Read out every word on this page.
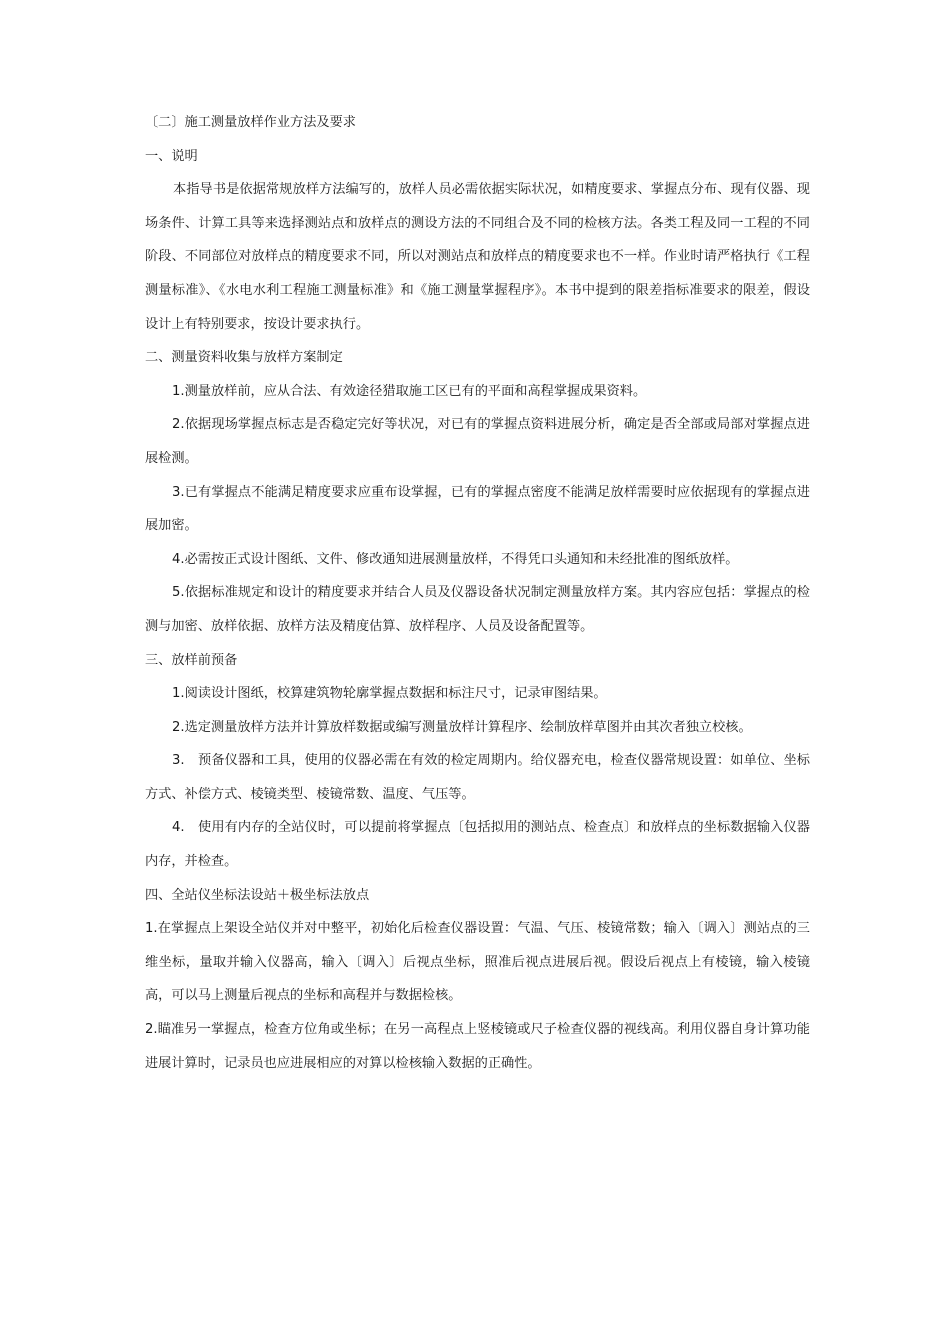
〔二〕施工测量放样作业方法及要求

一、说明

本指导书是依据常规放样方法编写的，放样人员必需依据实际状况，如精度要求、掌握点分布、现有仪器、现场条件、计算工具等来选择测站点和放样点的测设方法的不同组合及不同的检核方法。各类工程及同一工程的不同阶段、不同部位对放样点的精度要求不同，所以对测站点和放样点的精度要求也不一样。作业时请严格执行《工程测量标准》、《水电水利工程施工测量标准》和《施工测量掌握程序》。本书中提到的限差指标准要求的限差，假设设计上有特别要求，按设计要求执行。

二、测量资料收集与放样方案制定

1.测量放样前，应从合法、有效途径猎取施工区已有的平面和高程掌握成果资料。

2.依据现场掌握点标志是否稳定完好等状况，对已有的掌握点资料进展分析，确定是否全部或局部对掌握点进展检测。

3.已有掌握点不能满足精度要求应重布设掌握，已有的掌握点密度不能满足放样需要时应依据现有的掌握点进展加密。

4.必需按正式设计图纸、文件、修改通知进展测量放样，不得凭口头通知和未经批准的图纸放样。

5.依据标准规定和设计的精度要求并结合人员及仪器设备状况制定测量放样方案。其内容应包括：掌握点的检测与加密、放样依据、放样方法及精度估算、放样程序、人员及设备配置等。

三、放样前预备

1.阅读设计图纸，校算建筑物轮廓掌握点数据和标注尺寸，记录审图结果。

2.选定测量放样方法并计算放样数据或编写测量放样计算程序、绘制放样草图并由其次者独立校核。

3.　预备仪器和工具，使用的仪器必需在有效的检定周期内。给仪器充电，检查仪器常规设置：如单位、坐标方式、补偿方式、棱镜类型、棱镜常数、温度、气压等。

4.　使用有内存的全站仪时，可以提前将掌握点〔包括拟用的测站点、检查点〕和放样点的坐标数据输入仪器内存，并检查。

四、全站仪坐标法设站＋极坐标法放点

1.在掌握点上架设全站仪并对中整平，初始化后检查仪器设置：气温、气压、棱镜常数；输入〔调入〕测站点的三维坐标，量取并输入仪器高，输入〔调入〕后视点坐标，照准后视点进展后视。假设后视点上有棱镜，输入棱镜高，可以马上测量后视点的坐标和高程并与数据检核。

2.瞄准另一掌握点，检查方位角或坐标；在另一高程点上竖棱镜或尺子检查仪器的视线高。利用仪器自身计算功能进展计算时，记录员也应进展相应的对算以检核输入数据的正确性。
